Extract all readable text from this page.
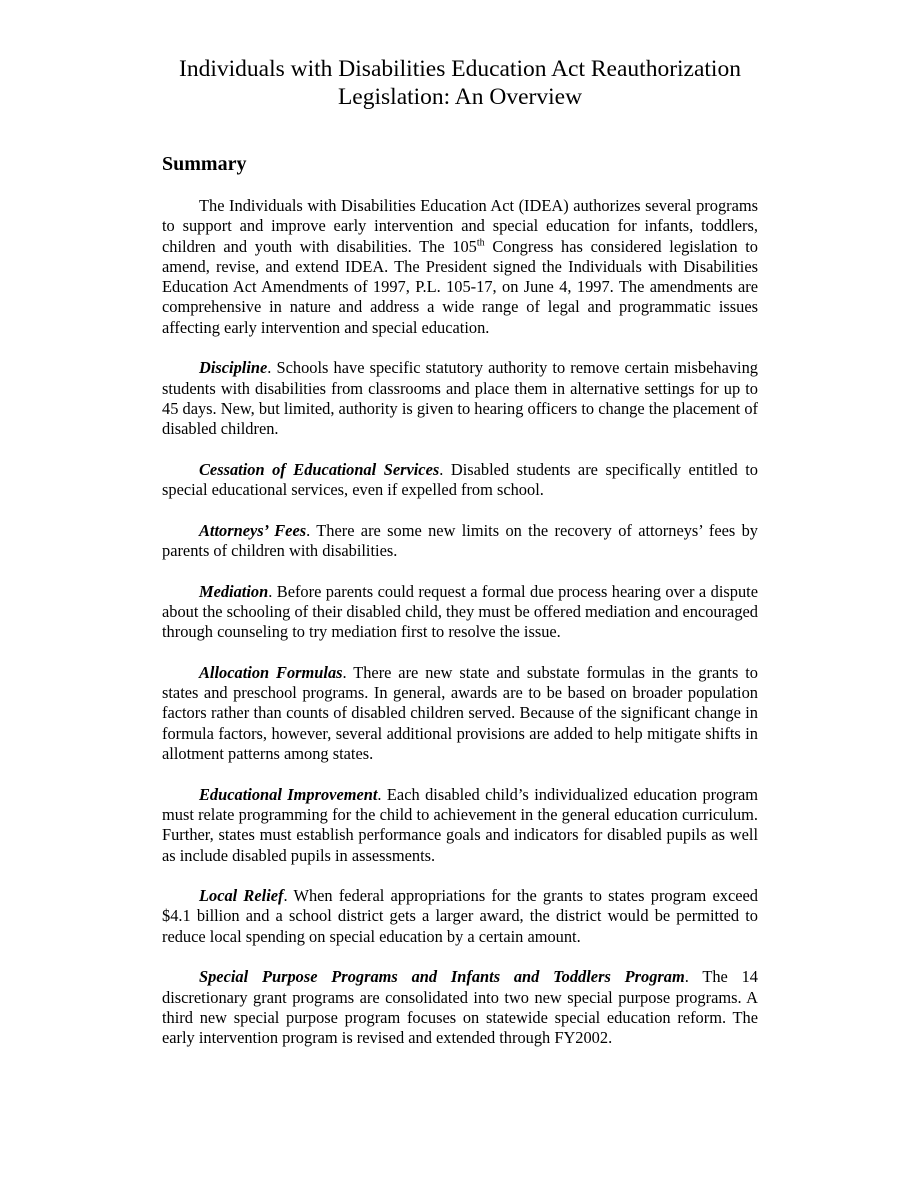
Individuals with Disabilities Education Act Reauthorization
Legislation: An Overview
Summary

The Individuals with Disabilities Education Act (IDEA) authorizes several programs to support and improve early intervention and special education for infants, toddlers, children and youth with disabilities. The 105th Congress has considered legislation to amend, revise, and extend IDEA. The President signed the Individuals with Disabilities Education Act Amendments of 1997, P.L. 105-17, on June 4, 1997. The amendments are comprehensive in nature and address a wide range of legal and programmatic issues affecting early intervention and special education.

Discipline. Schools have specific statutory authority to remove certain misbehaving students with disabilities from classrooms and place them in alternative settings for up to 45 days. New, but limited, authority is given to hearing officers to change the placement of disabled children.

Cessation of Educational Services. Disabled students are specifically entitled to special educational services, even if expelled from school.

Attorneys’ Fees. There are some new limits on the recovery of attorneys’ fees by parents of children with disabilities.

Mediation. Before parents could request a formal due process hearing over a dispute about the schooling of their disabled child, they must be offered mediation and encouraged through counseling to try mediation first to resolve the issue.

Allocation Formulas. There are new state and substate formulas in the grants to states and preschool programs. In general, awards are to be based on broader population factors rather than counts of disabled children served. Because of the significant change in formula factors, however, several additional provisions are added to help mitigate shifts in allotment patterns among states.

Educational Improvement. Each disabled child’s individualized education program must relate programming for the child to achievement in the general education curriculum. Further, states must establish performance goals and indicators for disabled pupils as well as include disabled pupils in assessments.

Local Relief. When federal appropriations for the grants to states program exceed $4.1 billion and a school district gets a larger award, the district would be permitted to reduce local spending on special education by a certain amount.

Special Purpose Programs and Infants and Toddlers Program. The 14 discretionary grant programs are consolidated into two new special purpose programs. A third new special purpose program focuses on statewide special education reform. The early intervention program is revised and extended through FY2002.
